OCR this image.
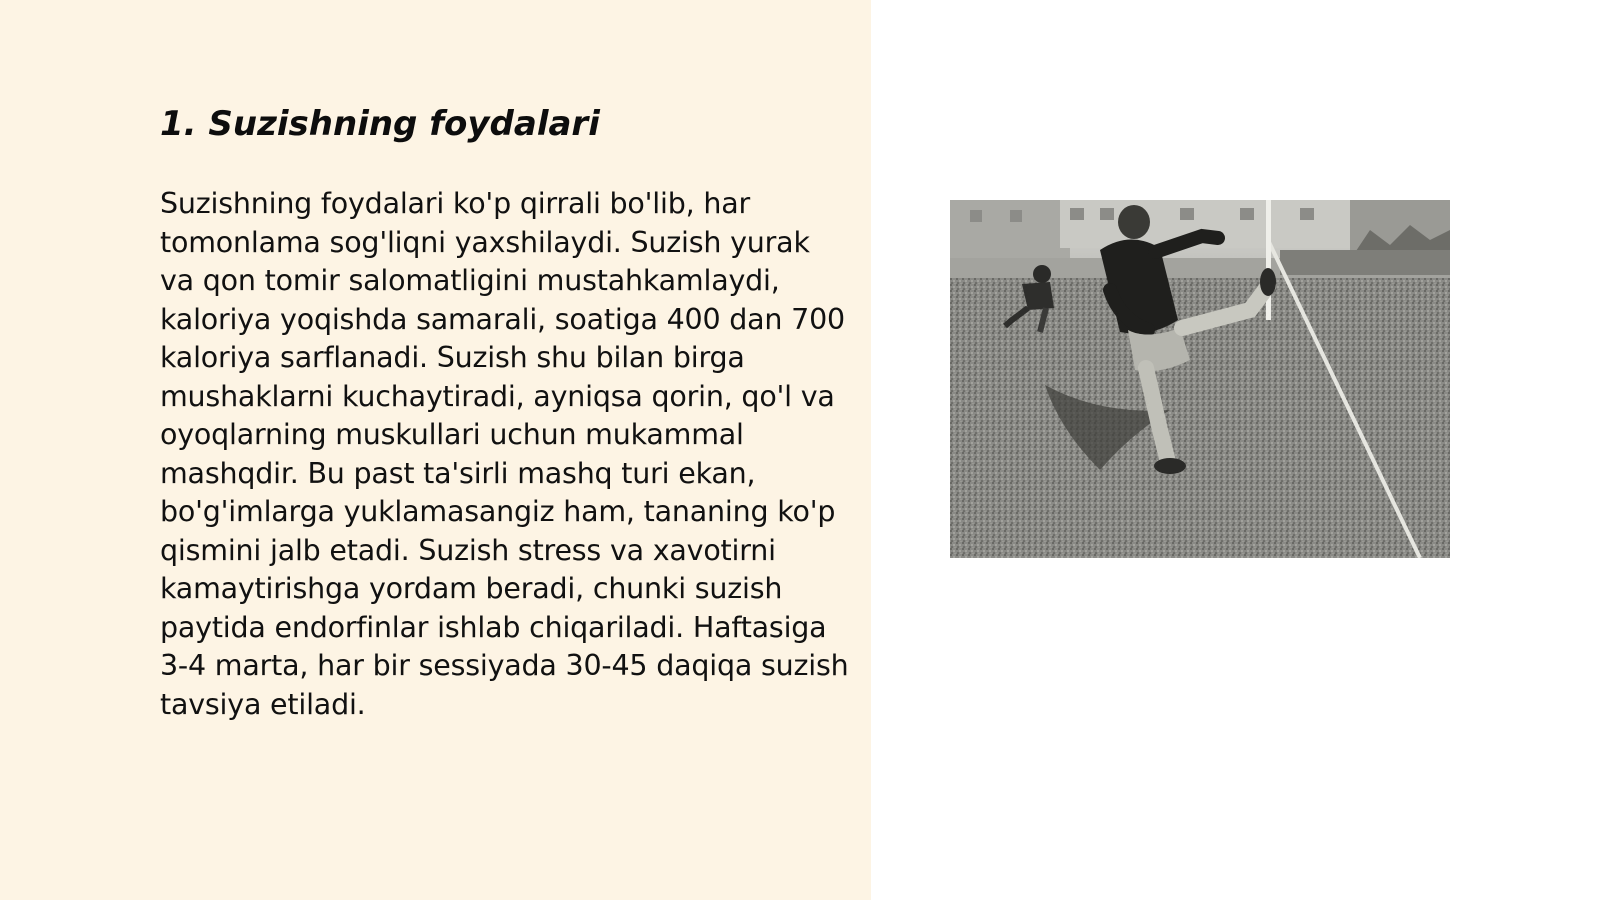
1. Suzishning foydalari

Suzishning foydalari ko'p qirrali bo'lib, har tomonlama sog'liqni yaxshilaydi. Suzish yurak va qon tomir salomatligini mustahkamlaydi, kaloriya yoqishda samarali, soatiga 400 dan 700 kaloriya sarflanadi. Suzish shu bilan birga mushaklarni kuchaytiradi, ayniqsa qorin, qo'l va oyoqlarning muskullari uchun mukammal mashqdir. Bu past ta'sirli mashq turi ekan, bo'g'imlarga yuklamasangiz ham, tananing ko'p qismini jalb etadi. Suzish stress va xavotirni kamaytirishga yordam beradi, chunki suzish paytida endorfinlar ishlab chiqariladi. Haftasiga 3-4 marta, har bir sessiyada 30-45 daqiqa suzish tavsiya etiladi.
